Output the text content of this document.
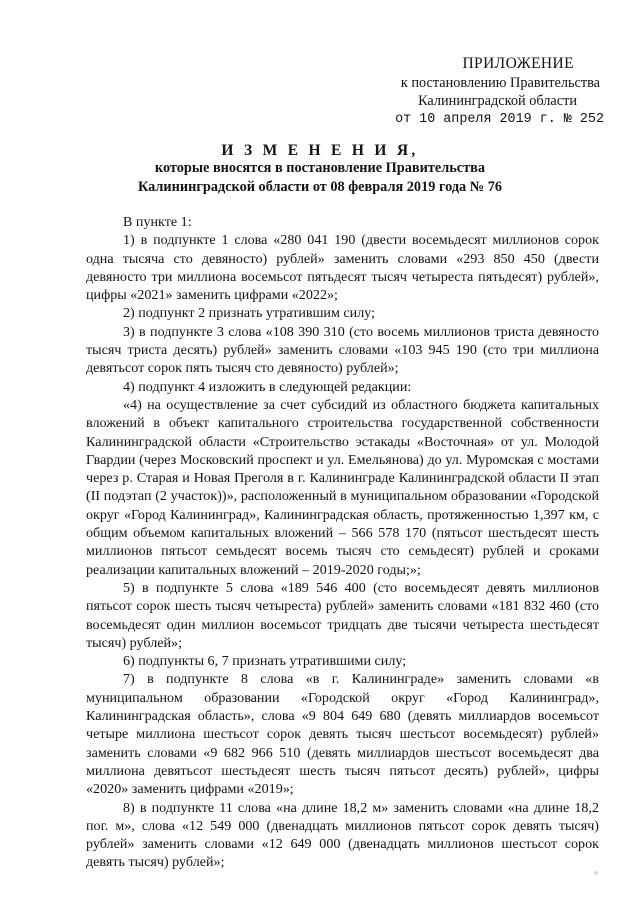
ПРИЛОЖЕНИЕ
к постановлению Правительства
Калининградской области
от 10 апреля 2019 г. № 252
И З М Е Н Е Н И Я,
которые вносятся в постановление Правительства
Калининградской области от 08 февраля 2019 года № 76
В пункте 1:
1) в подпункте 1 слова «280 041 190 (двести восемьдесят миллионов сорок одна тысяча сто девяносто) рублей» заменить словами «293 850 450 (двести девяносто три миллиона восемьсот пятьдесят тысяч четыреста пятьдесят) рублей», цифры «2021» заменить цифрами «2022»;
2) подпункт 2 признать утратившим силу;
3) в подпункте 3 слова «108 390 310 (сто восемь миллионов триста девяносто тысяч триста десять) рублей» заменить словами «103 945 190 (сто три миллиона девятьсот сорок пять тысяч сто девяносто) рублей»;
4) подпункт 4 изложить в следующей редакции:
«4) на осуществление за счет субсидий из областного бюджета капитальных вложений в объект капитального строительства государственной собственности Калининградской области «Строительство эстакады «Восточная» от ул. Молодой Гвардии (через Московский проспект и ул. Емельянова) до ул. Муромская с мостами через р. Старая и Новая Преголя в г. Калининграде Калининградской области II этап (II подэтап (2 участок))», расположенный в муниципальном образовании «Городской округ «Город Калининград», Калининградская область, протяженностью 1,397 км, с общим объемом капитальных вложений – 566 578 170 (пятьсот шестьдесят шесть миллионов пятьсот семьдесят восемь тысяч сто семьдесят) рублей и сроками реализации капитальных вложений – 2019-2020 годы;»;
5) в подпункте 5 слова «189 546 400 (сто восемьдесят девять миллионов пятьсот сорок шесть тысяч четыреста) рублей» заменить словами «181 832 460 (сто восемьдесят один миллион восемьсот тридцать две тысячи четыреста шестьдесят тысяч) рублей»;
6) подпункты 6, 7 признать утратившими силу;
7) в подпункте 8 слова «в г. Калининграде» заменить словами «в муниципальном образовании «Городской округ «Город Калининград», Калининградская область», слова «9 804 649 680 (девять миллиардов восемьсот четыре миллиона шестьсот сорок девять тысяч шестьсот восемьдесят) рублей» заменить словами «9 682 966 510 (девять миллиардов шестьсот восемьдесят два миллиона девятьсот шестьдесят шесть тысяч пятьсот десять) рублей», цифры «2020» заменить цифрами «2019»;
8) в подпункте 11 слова «на длине 18,2 м» заменить словами «на длине 18,2 пог. м», слова «12 549 000 (двенадцать миллионов пятьсот сорок девять тысяч) рублей» заменить словами «12 649 000 (двенадцать миллионов шестьсот сорок девять тысяч) рублей»;
